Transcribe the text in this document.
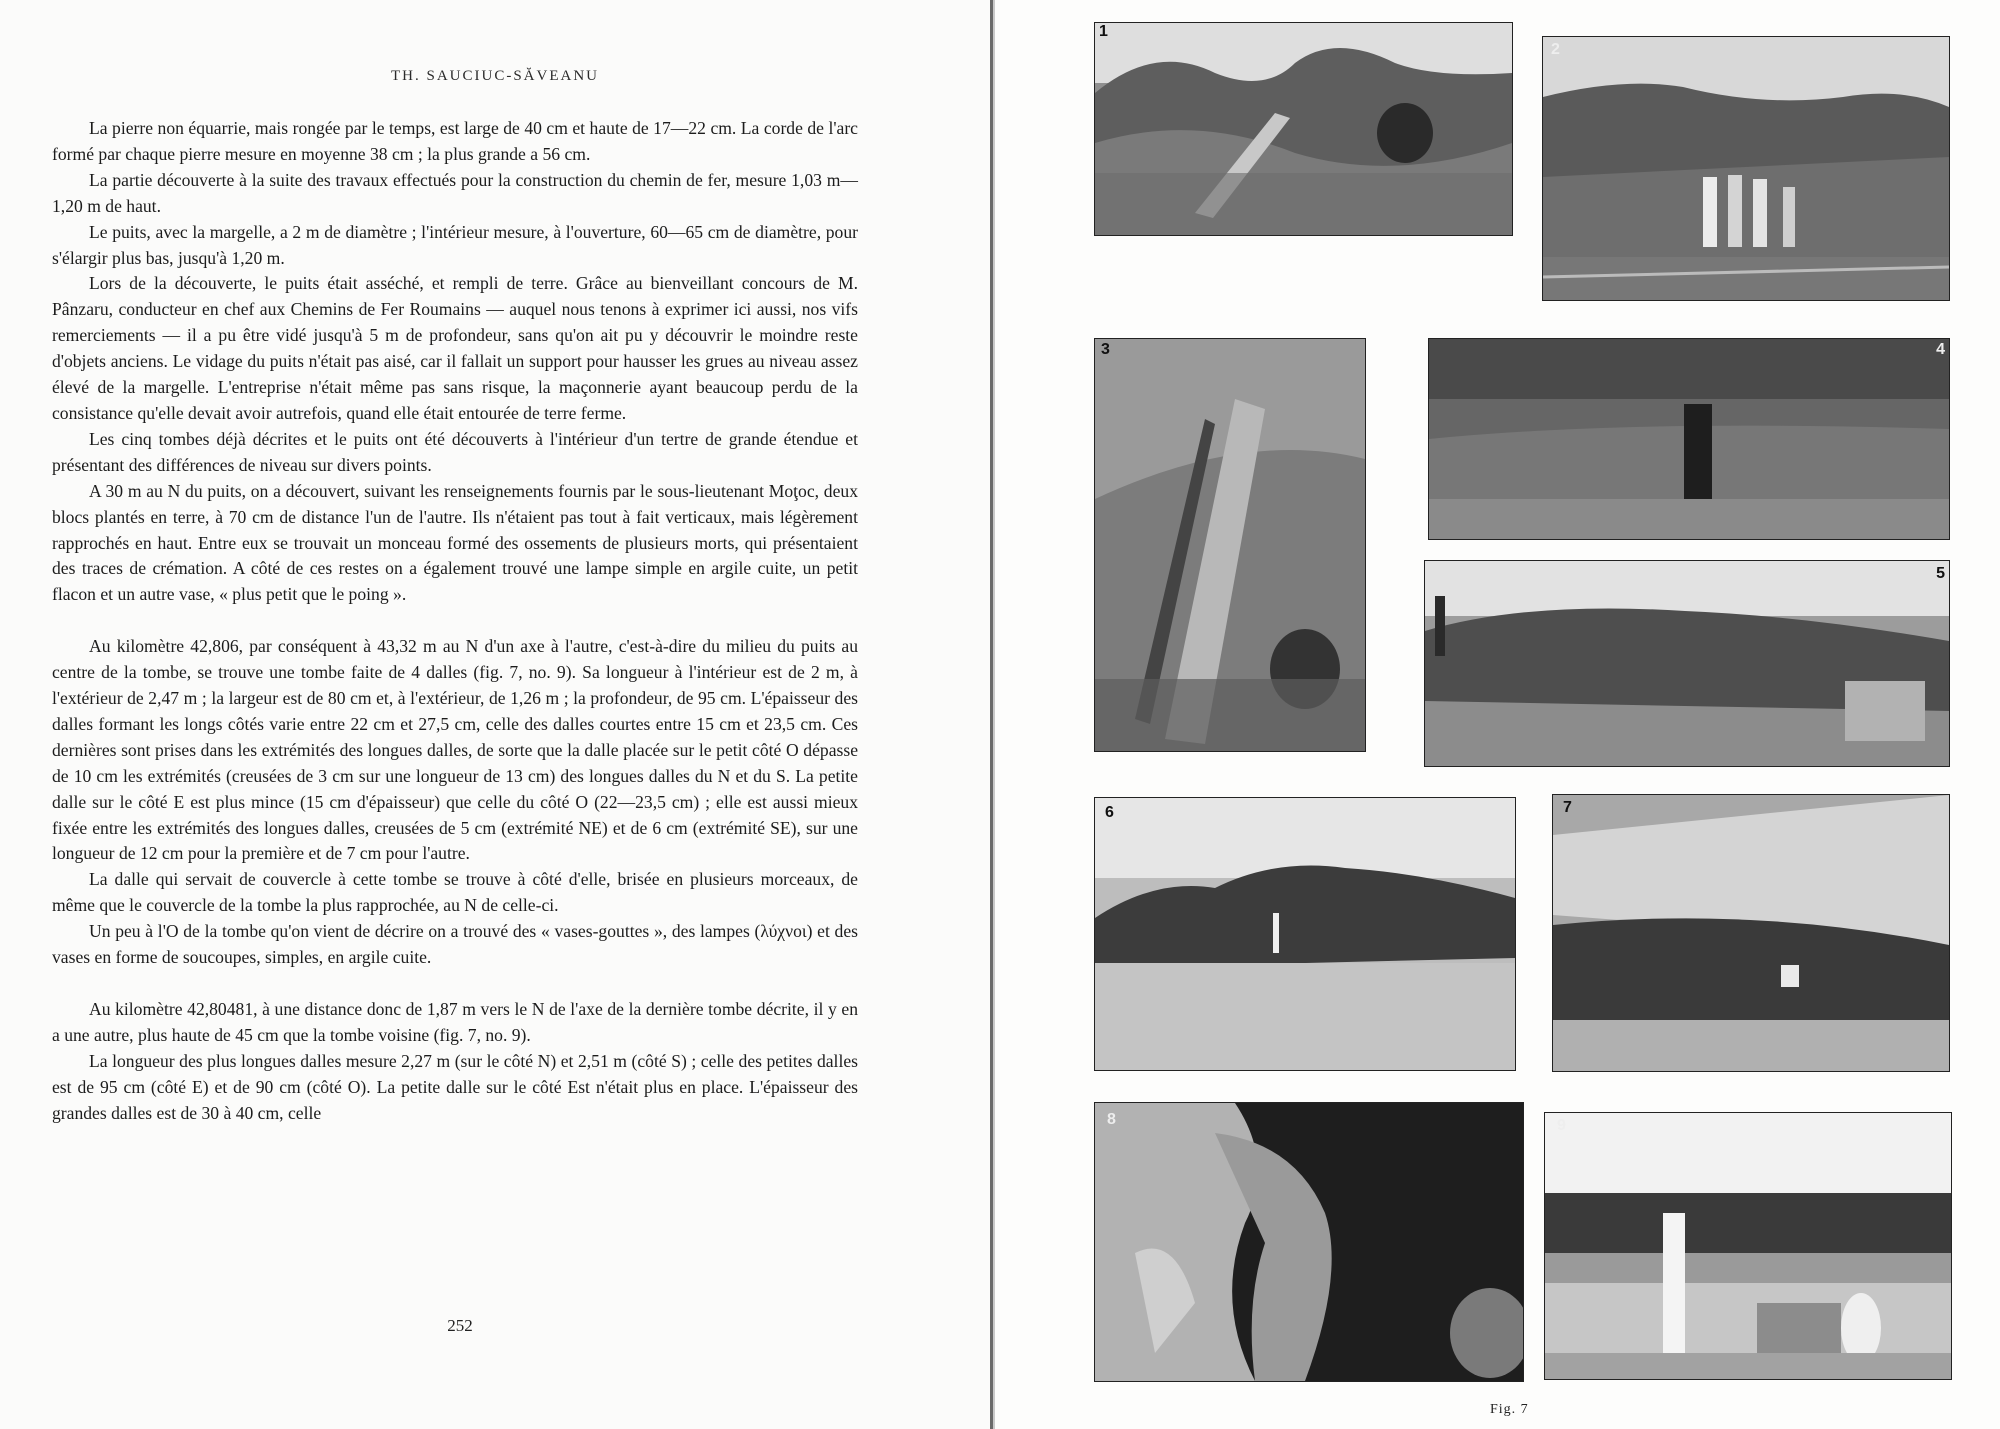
TH. SAUCIUC-SĂVEANU

La pierre non équarrie, mais rongée par le temps, est large de 40 cm et haute de 17—22 cm. La corde de l'arc formé par chaque pierre mesure en moyenne 38 cm ; la plus grande a 56 cm.

La partie découverte à la suite des travaux effectués pour la construction du chemin de fer, mesure 1,03 m—1,20 m de haut.

Le puits, avec la margelle, a 2 m de diamètre ; l'intérieur mesure, à l'ouverture, 60—65 cm de diamètre, pour s'élargir plus bas, jusqu'à 1,20 m.

Lors de la découverte, le puits était asséché, et rempli de terre. Grâce au bienveillant concours de M. Pânzaru, conducteur en chef aux Chemins de Fer Roumains — auquel nous tenons à exprimer ici aussi, nos vifs remerciements — il a pu être vidé jusqu'à 5 m de profondeur, sans qu'on ait pu y découvrir le moindre reste d'objets anciens. Le vidage du puits n'était pas aisé, car il fallait un support pour hausser les grues au niveau assez élevé de la margelle. L'entreprise n'était même pas sans risque, la maçonnerie ayant beaucoup perdu de la consistance qu'elle devait avoir autrefois, quand elle était entourée de terre ferme.

Les cinq tombes déjà décrites et le puits ont été découverts à l'intérieur d'un tertre de grande étendue et présentant des différences de niveau sur divers points.

A 30 m au N du puits, on a découvert, suivant les renseignements fournis par le sous-lieutenant Moţoc, deux blocs plantés en terre, à 70 cm de distance l'un de l'autre. Ils n'étaient pas tout à fait verticaux, mais légèrement rapprochés en haut. Entre eux se trouvait un monceau formé des ossements de plusieurs morts, qui présentaient des traces de crémation. A côté de ces restes on a également trouvé une lampe simple en argile cuite, un petit flacon et un autre vase, « plus petit que le poing ».

Au kilomètre 42,806, par conséquent à 43,32 m au N d'un axe à l'autre, c'est-à-dire du milieu du puits au centre de la tombe, se trouve une tombe faite de 4 dalles (fig. 7, no. 9). Sa longueur à l'intérieur est de 2 m, à l'extérieur de 2,47 m ; la largeur est de 80 cm et, à l'extérieur, de 1,26 m ; la profondeur, de 95 cm. L'épaisseur des dalles formant les longs côtés varie entre 22 cm et 27,5 cm, celle des dalles courtes entre 15 cm et 23,5 cm. Ces dernières sont prises dans les extrémités des longues dalles, de sorte que la dalle placée sur le petit côté O dépasse de 10 cm les extrémités (creusées de 3 cm sur une longueur de 13 cm) des longues dalles du N et du S. La petite dalle sur le côté E est plus mince (15 cm d'épaisseur) que celle du côté O (22—23,5 cm) ; elle est aussi mieux fixée entre les extrémités des longues dalles, creusées de 5 cm (extrémité NE) et de 6 cm (extrémité SE), sur une longueur de 12 cm pour la première et de 7 cm pour l'autre.

La dalle qui servait de couvercle à cette tombe se trouve à côté d'elle, brisée en plusieurs morceaux, de même que le couvercle de la tombe la plus rapprochée, au N de celle-ci.

Un peu à l'O de la tombe qu'on vient de décrire on a trouvé des « vases-gouttes », des lampes (λύχνοι) et des vases en forme de soucoupes, simples, en argile cuite.

Au kilomètre 42,80481, à une distance donc de 1,87 m vers le N de l'axe de la dernière tombe décrite, il y en a une autre, plus haute de 45 cm que la tombe voisine (fig. 7, no. 9).

La longueur des plus longues dalles mesure 2,27 m (sur le côté N) et 2,51 m (côté S) ; celle des petites dalles est de 95 cm (côté E) et de 90 cm (côté O). La petite dalle sur le côté Est n'était plus en place. L'épaisseur des grandes dalles est de 30 à 40 cm, celle

252
1
2
3	4
5
6	7
8	9
Fig. 7
